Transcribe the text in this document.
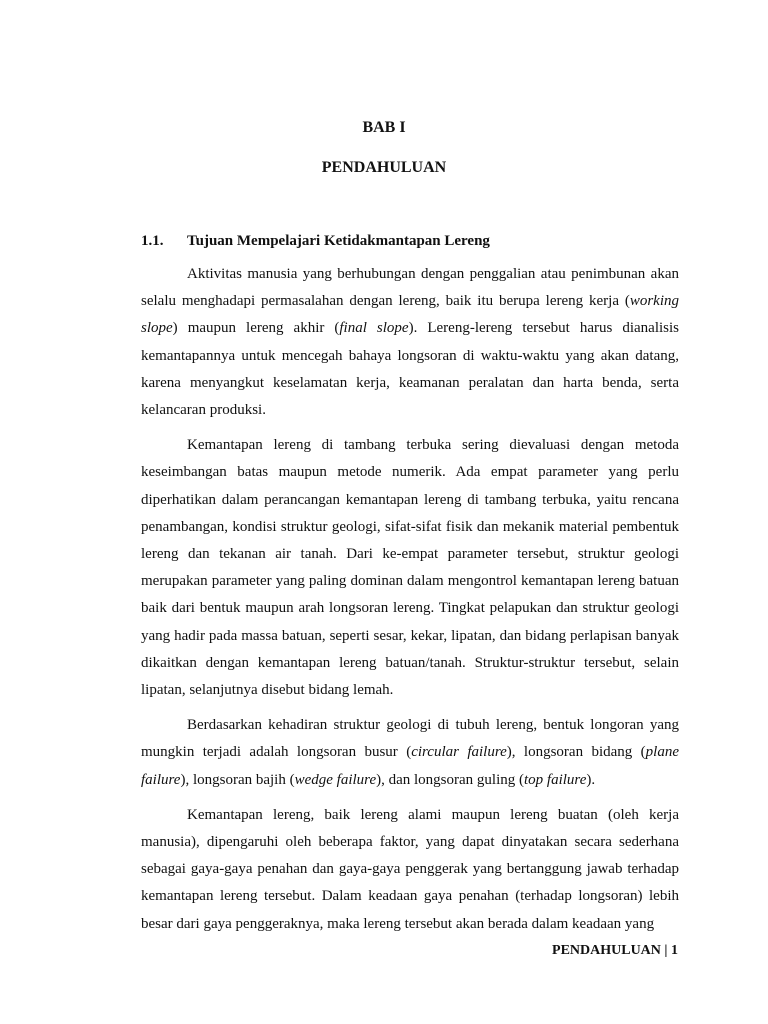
BAB I
PENDAHULUAN
1.1. Tujuan Mempelajari Ketidakmantapan Lereng

Aktivitas manusia yang berhubungan dengan penggalian atau penimbunan akan selalu menghadapi permasalahan dengan lereng, baik itu berupa lereng kerja (working slope) maupun lereng akhir (final slope). Lereng-lereng tersebut harus dianalisis kemantapannya untuk mencegah bahaya longsoran di waktu-waktu yang akan datang, karena menyangkut keselamatan kerja, keamanan peralatan dan harta benda, serta kelancaran produksi.

Kemantapan lereng di tambang terbuka sering dievaluasi dengan metoda keseimbangan batas maupun metode numerik. Ada empat parameter yang perlu diperhatikan dalam perancangan kemantapan lereng di tambang terbuka, yaitu rencana penambangan, kondisi struktur geologi, sifat-sifat fisik dan mekanik material pembentuk lereng dan tekanan air tanah. Dari ke-empat parameter tersebut, struktur geologi merupakan parameter yang paling dominan dalam mengontrol kemantapan lereng batuan baik dari bentuk maupun arah longsoran lereng. Tingkat pelapukan dan struktur geologi yang hadir pada massa batuan, seperti sesar, kekar, lipatan, dan bidang perlapisan banyak dikaitkan dengan kemantapan lereng batuan/tanah. Struktur-struktur tersebut, selain lipatan, selanjutnya disebut bidang lemah.

Berdasarkan kehadiran struktur geologi di tubuh lereng, bentuk longoran yang mungkin terjadi adalah longsoran busur (circular failure), longsoran bidang (plane failure), longsoran bajih (wedge failure), dan longsoran guling (top failure).

Kemantapan lereng, baik lereng alami maupun lereng buatan (oleh kerja manusia), dipengaruhi oleh beberapa faktor, yang dapat dinyatakan secara sederhana sebagai gaya-gaya penahan dan gaya-gaya penggerak yang bertanggung jawab terhadap kemantapan lereng tersebut. Dalam keadaan gaya penahan (terhadap longsoran) lebih besar dari gaya penggeraknya, maka lereng tersebut akan berada dalam keadaan yang

PENDAHULUAN | 1
